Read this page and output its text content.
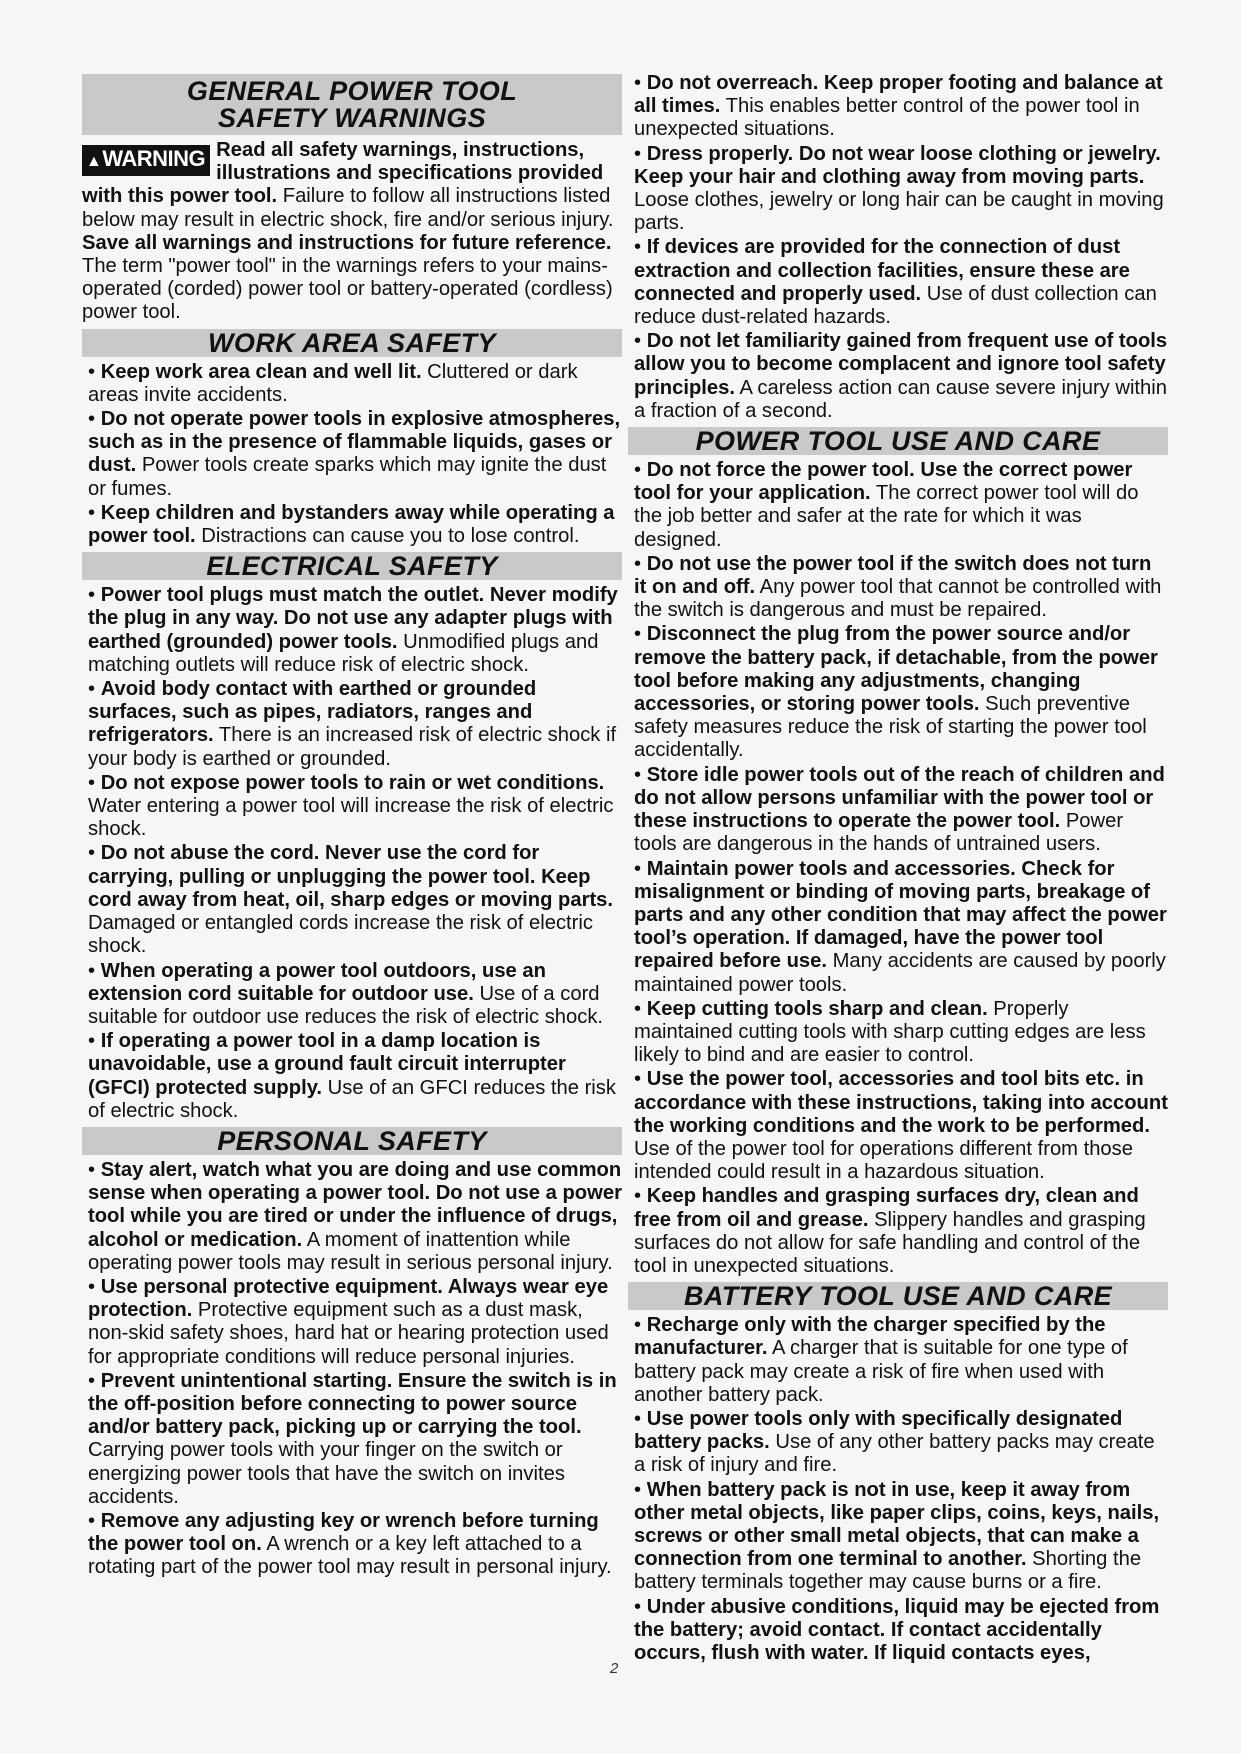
GENERAL POWER TOOL
SAFETY WARNINGS
▲WARNING Read all safety warnings, instructions, illustrations and specifications provided with this power tool. Failure to follow all instructions listed below may result in electric shock, fire and/or serious injury. Save all warnings and instructions for future reference. The term "power tool" in the warnings refers to your mains-operated (corded) power tool or battery-operated (cordless) power tool.
WORK AREA SAFETY
• Keep work area clean and well lit. Cluttered or dark areas invite accidents.
• Do not operate power tools in explosive atmospheres, such as in the presence of flammable liquids, gases or dust. Power tools create sparks which may ignite the dust or fumes.
• Keep children and bystanders away while operating a power tool. Distractions can cause you to lose control.
ELECTRICAL SAFETY
• Power tool plugs must match the outlet. Never modify the plug in any way. Do not use any adapter plugs with earthed (grounded) power tools. Unmodified plugs and matching outlets will reduce risk of electric shock.
• Avoid body contact with earthed or grounded surfaces, such as pipes, radiators, ranges and refrigerators. There is an increased risk of electric shock if your body is earthed or grounded.
• Do not expose power tools to rain or wet conditions. Water entering a power tool will increase the risk of electric shock.
• Do not abuse the cord. Never use the cord for carrying, pulling or unplugging the power tool. Keep cord away from heat, oil, sharp edges or moving parts. Damaged or entangled cords increase the risk of electric shock.
• When operating a power tool outdoors, use an extension cord suitable for outdoor use. Use of a cord suitable for outdoor use reduces the risk of electric shock.
• If operating a power tool in a damp location is unavoidable, use a ground fault circuit interrupter (GFCI) protected supply. Use of an GFCI reduces the risk of electric shock.
PERSONAL SAFETY
• Stay alert, watch what you are doing and use common sense when operating a power tool. Do not use a power tool while you are tired or under the influence of drugs, alcohol or medication. A moment of inattention while operating power tools may result in serious personal injury.
• Use personal protective equipment. Always wear eye protection. Protective equipment such as a dust mask, non-skid safety shoes, hard hat or hearing protection used for appropriate conditions will reduce personal injuries.
• Prevent unintentional starting. Ensure the switch is in the off-position before connecting to power source and/or battery pack, picking up or carrying the tool. Carrying power tools with your finger on the switch or energizing power tools that have the switch on invites accidents.
• Remove any adjusting key or wrench before turning the power tool on. A wrench or a key left attached to a rotating part of the power tool may result in personal injury.
• Do not overreach. Keep proper footing and balance at all times. This enables better control of the power tool in unexpected situations.
• Dress properly. Do not wear loose clothing or jewelry. Keep your hair and clothing away from moving parts. Loose clothes, jewelry or long hair can be caught in moving parts.
• If devices are provided for the connection of dust extraction and collection facilities, ensure these are connected and properly used. Use of dust collection can reduce dust-related hazards.
• Do not let familiarity gained from frequent use of tools allow you to become complacent and ignore tool safety principles. A careless action can cause severe injury within a fraction of a second.
POWER TOOL USE AND CARE
• Do not force the power tool. Use the correct power tool for your application. The correct power tool will do the job better and safer at the rate for which it was designed.
• Do not use the power tool if the switch does not turn it on and off. Any power tool that cannot be controlled with the switch is dangerous and must be repaired.
• Disconnect the plug from the power source and/or remove the battery pack, if detachable, from the power tool before making any adjustments, changing accessories, or storing power tools. Such preventive safety measures reduce the risk of starting the power tool accidentally.
• Store idle power tools out of the reach of children and do not allow persons unfamiliar with the power tool or these instructions to operate the power tool. Power tools are dangerous in the hands of untrained users.
• Maintain power tools and accessories. Check for misalignment or binding of moving parts, breakage of parts and any other condition that may affect the power tool’s operation. If damaged, have the power tool repaired before use. Many accidents are caused by poorly maintained power tools.
• Keep cutting tools sharp and clean. Properly maintained cutting tools with sharp cutting edges are less likely to bind and are easier to control.
• Use the power tool, accessories and tool bits etc. in accordance with these instructions, taking into account the working conditions and the work to be performed. Use of the power tool for operations different from those intended could result in a hazardous situation.
• Keep handles and grasping surfaces dry, clean and free from oil and grease. Slippery handles and grasping surfaces do not allow for safe handling and control of the tool in unexpected situations.
BATTERY TOOL USE AND CARE
• Recharge only with the charger specified by the manufacturer. A charger that is suitable for one type of battery pack may create a risk of fire when used with another battery pack.
• Use power tools only with specifically designated battery packs. Use of any other battery packs may create a risk of injury and fire.
• When battery pack is not in use, keep it away from other metal objects, like paper clips, coins, keys, nails, screws or other small metal objects, that can make a connection from one terminal to another. Shorting the battery terminals together may cause burns or a fire.
• Under abusive conditions, liquid may be ejected from the battery; avoid contact. If contact accidentally occurs, flush with water. If liquid contacts eyes,
2
